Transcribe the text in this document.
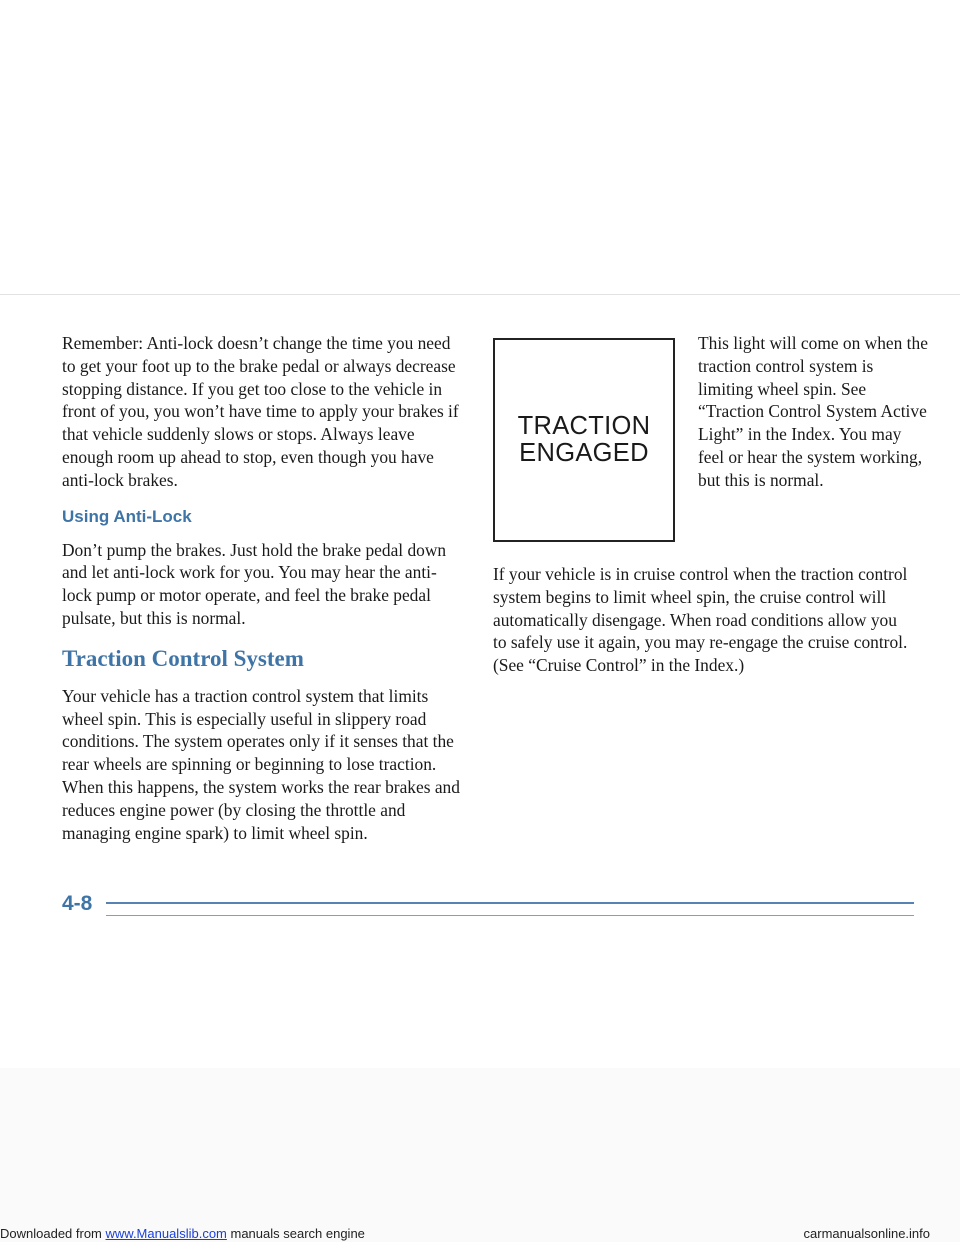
Remember: Anti-lock doesn’t change the time you need to get your foot up to the brake pedal or always decrease stopping distance. If you get too close to the vehicle in front of you, you won’t have time to apply your brakes if that vehicle suddenly slows or stops. Always leave enough room up ahead to stop, even though you have anti-lock brakes.

Using Anti-Lock

Don’t pump the brakes. Just hold the brake pedal down and let anti-lock work for you. You may hear the anti-lock pump or motor operate, and feel the brake pedal pulsate, but this is normal.

Traction Control System

Your vehicle has a traction control system that limits wheel spin. This is especially useful in slippery road conditions. The system operates only if it senses that the rear wheels are spinning or beginning to lose traction. When this happens, the system works the rear brakes and reduces engine power (by closing the throttle and managing engine spark) to limit wheel spin.

TRACTION
ENGAGED

This light will come on when the traction control system is limiting wheel spin. See “Traction Control System Active Light” in the Index. You may feel or hear the system working, but this is normal.

If your vehicle is in cruise control when the traction control system begins to limit wheel spin, the cruise control will automatically disengage. When road conditions allow you to safely use it again, you may re-engage the cruise control. (See “Cruise Control” in the Index.)

4-8
Downloaded from www.Manualslib.com manuals search engine	carmanualsonline.info
